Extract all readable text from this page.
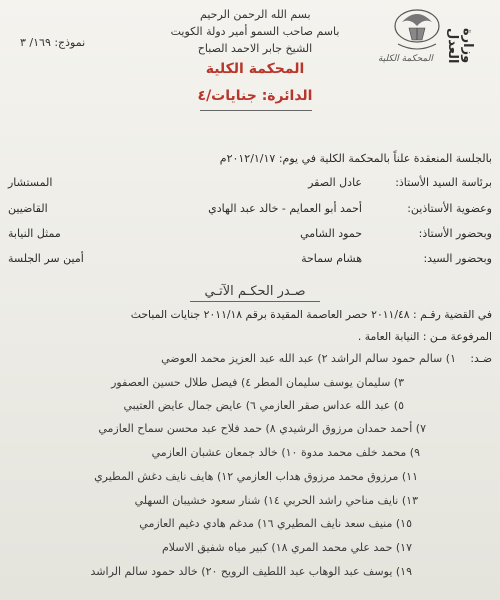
نموذج: ١٦٩/ ٣
بسم الله الرحمن الرحيم
باسم صاحب السمو أمير دولة الكويت
الشيخ جابر الاحمد الصباح
المحكمة الكلية
الدائرة: جنايات/٤
المحكمة الكلية	وزارة العدل
بالجلسة المنعقدة علناً بالمحكمة الكلية في يوم: ٢٠١٢/١/١٧م
برئاسة السيد الأستاذ:
عادل الصقر
المستشار
وعضوية الأستاذين:
أحمد أبو العمايم - خالد عبد الهادي
القاضيين
وبحضور الأستاذ:
حمود الشامي
ممثل النيابة
وبحضور السيد:
هشام سماحة
أمين سر الجلسة
صـدر الحكـم الآتـي
في القضية رقـم : ٢٠١١/٤٨ حصر العاصمة المقيدة برقم ٢٠١١/١٨ جنايات المباحث
المرفوعة مـن : النيابة العامة .
ضـد:
١) سالم حمود سالم الراشد ٢) عبد الله عبد العزيز محمد العوضي
٣) سليمان يوسف سليمان المطر ٤) فيصل طلال حسين العصفور
٥) عبد الله عداس صقر العازمي ٦) عايض جمال عايض العتيبي
٧) أحمد حمدان مرزوق الرشيدي ٨) حمد فلاح عبد محسن سماح العازمي
٩) محمد خلف محمد مدوة ١٠) خالد جمعان عشبان العازمي
١١) مرزوق محمد مرزوق هداب العازمي ١٢) هايف نايف دغش المطيري
١٣) نايف مناحي راشد الحربي ١٤) شنار سعود خشيبان السهلي
١٥) منيف سعد نايف المطيري ١٦) مدغم هادي دغيم العازمي
١٧) حمد علي محمد المري ١٨) كبير مياه شفيق الاسلام
١٩) يوسف عبد الوهاب عبد اللطيف الرويح ٢٠) خالد حمود سالم الراشد
